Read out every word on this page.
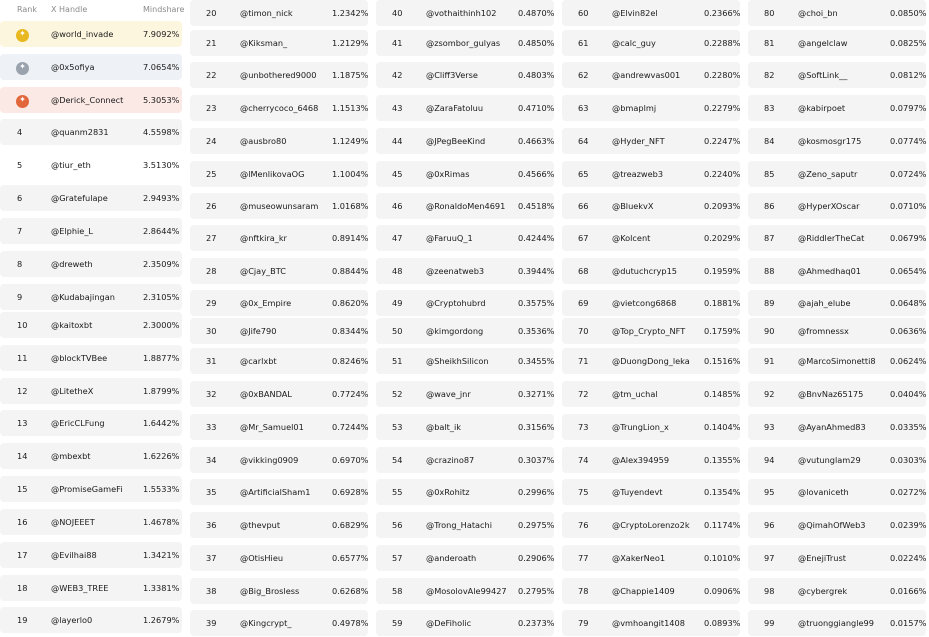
Rank X Handle	Mindshare
✦	@world_invade	7.9092%
✦	@0x5ofiya	7.0654%
✦	@Derick_Connect 5.3053%
4	@quanm2831	4.5598%
5	@tiur_eth	3.5130%
6	@Gratefulape	2.9493%
7	@Elphie_L	2.8644%
8	@dreweth	2.3509%
9	@Kudabajingan	2.3105%
10	@kaitoxbt	2.3000%
11	@blockTVBee	1.8877%
12	@LitetheX	1.8799%
13	@EricCLFung	1.6442%
14	@mbexbt	1.6226%
15	@PromiseGameFi	1.5533%
16	@NOJEEET	1.4678%
17	@Evilhai88	1.3421%
18	@WEB3_TREE	1.3381%
19	@layerlo0	1.2679%
20	@timon_nick	1.2342%
21	@Kiksman_	1.2129%
22	@unbothered9000 1.1875%
23	@cherrycoco_6468 1.1513%
24	@ausbro80	1.1249%
25	@lMenlikovaOG	1.1004%
26	@museowunsaram 1.0168%
27	@nftkira_kr	0.8914%
28	@Cjay_BTC	0.8844%
29	@0x_Empire	0.8620%
30	@Jife790	0.8344%
31	@carlxbt	0.8246%
32	@0xBANDAL	0.7724%
33	@Mr_Samuel01	0.7244%
34	@vikking0909	0.6970%
35	@ArtificialSham1	0.6928%
36	@thevput	0.6829%
37	@OtisHieu	0.6577%
38	@Big_Brosless	0.6268%
39	@Kingcrypt_	0.4978%
40	@vothaithinh102	0.4870%
41	@zsombor_gulyas 0.4850%
42	@Cliff3Verse	0.4803%
43	@ZaraFatoluu	0.4710%
44	@JPegBeeKind	0.4663%
45	@0xRimas	0.4566%
46	@RonaldoMen4691 0.4518%
47	@FaruuQ_1	0.4244%
48	@zeenatweb3	0.3944%
49	@Cryptohubrd	0.3575%
50	@kimgordong	0.3536%
51	@SheikhSilicon	0.3455%
52	@wave_jnr	0.3271%
53	@balt_ik	0.3156%
54	@crazino87	0.3037%
55	@0xRohitz	0.2996%
56	@Trong_Hatachi	0.2975%
57	@anderoath	0.2906%
58	@MosolovAle99427 0.2795%
59	@DeFiholic	0.2373%
60	@Elvin82el	0.2366%
61	@calc_guy	0.2288%
62	@andrewvas001	0.2280%
63	@bmaplmj	0.2279%
64	@Hyder_NFT	0.2247%
65	@treazweb3	0.2240%
66	@BluekvX	0.2093%
67	@Kolcent	0.2029%
68	@dutuchcryp15	0.1959%
69	@vietcong6868	0.1881%
70	@Top_Crypto_NFT 0.1759%
71	@DuongDong_leka 0.1516%
72	@tm_uchal	0.1485%
73	@TrungLion_x	0.1404%
74	@Alex394959	0.1355%
75	@Tuyendevt	0.1354%
76	@CryptoLorenzo2k 0.1174%
77	@XakerNeo1	0.1010%
78	@Chappie1409	0.0906%
79	@vmhoangit1408 0.0893%
80	@choi_bn	0.0850%
81	@angelclaw	0.0825%
82	@SoftLink__	0.0812%
83	@kabirpoet	0.0797%
84	@kosmosgr175	0.0774%
85	@Zeno_saputr	0.0724%
86	@HyperXOscar	0.0710%
87	@RiddlerTheCat	0.0679%
88	@Ahmedhaq01	0.0654%
89	@ajah_elube	0.0648%
90	@fromnessx	0.0636%
91	@MarcoSimonetti8 0.0624%
92	@BnvNaz65175	0.0404%
93	@AyanAhmed83	0.0335%
94	@vutunglam29	0.0303%
95	@lovaniceth	0.0272%
96	@QimahOfWeb3	0.0239%
97	@EnejiTrust	0.0224%
98	@cybergrek	0.0166%
99	@truonggiangle99 0.0157%
